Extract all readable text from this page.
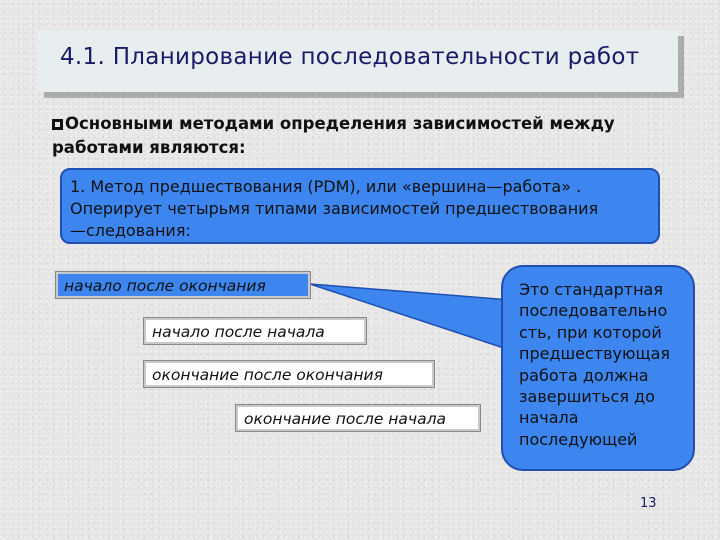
4.1. Планирование последовательности работ
Основными методами определения зависимостей между
работами являются:
1. Метод предшествования (PDM), или «вершина—работа» .
Оперирует четырьмя типами зависимостей предшествования
—следования:
начало после окончания
начало после начала
окончание после окончания
окончание после начала
Это стандартная
последовательно
сть, при которой
предшествующая
работа должна
завершиться до
начала
последующей
13
